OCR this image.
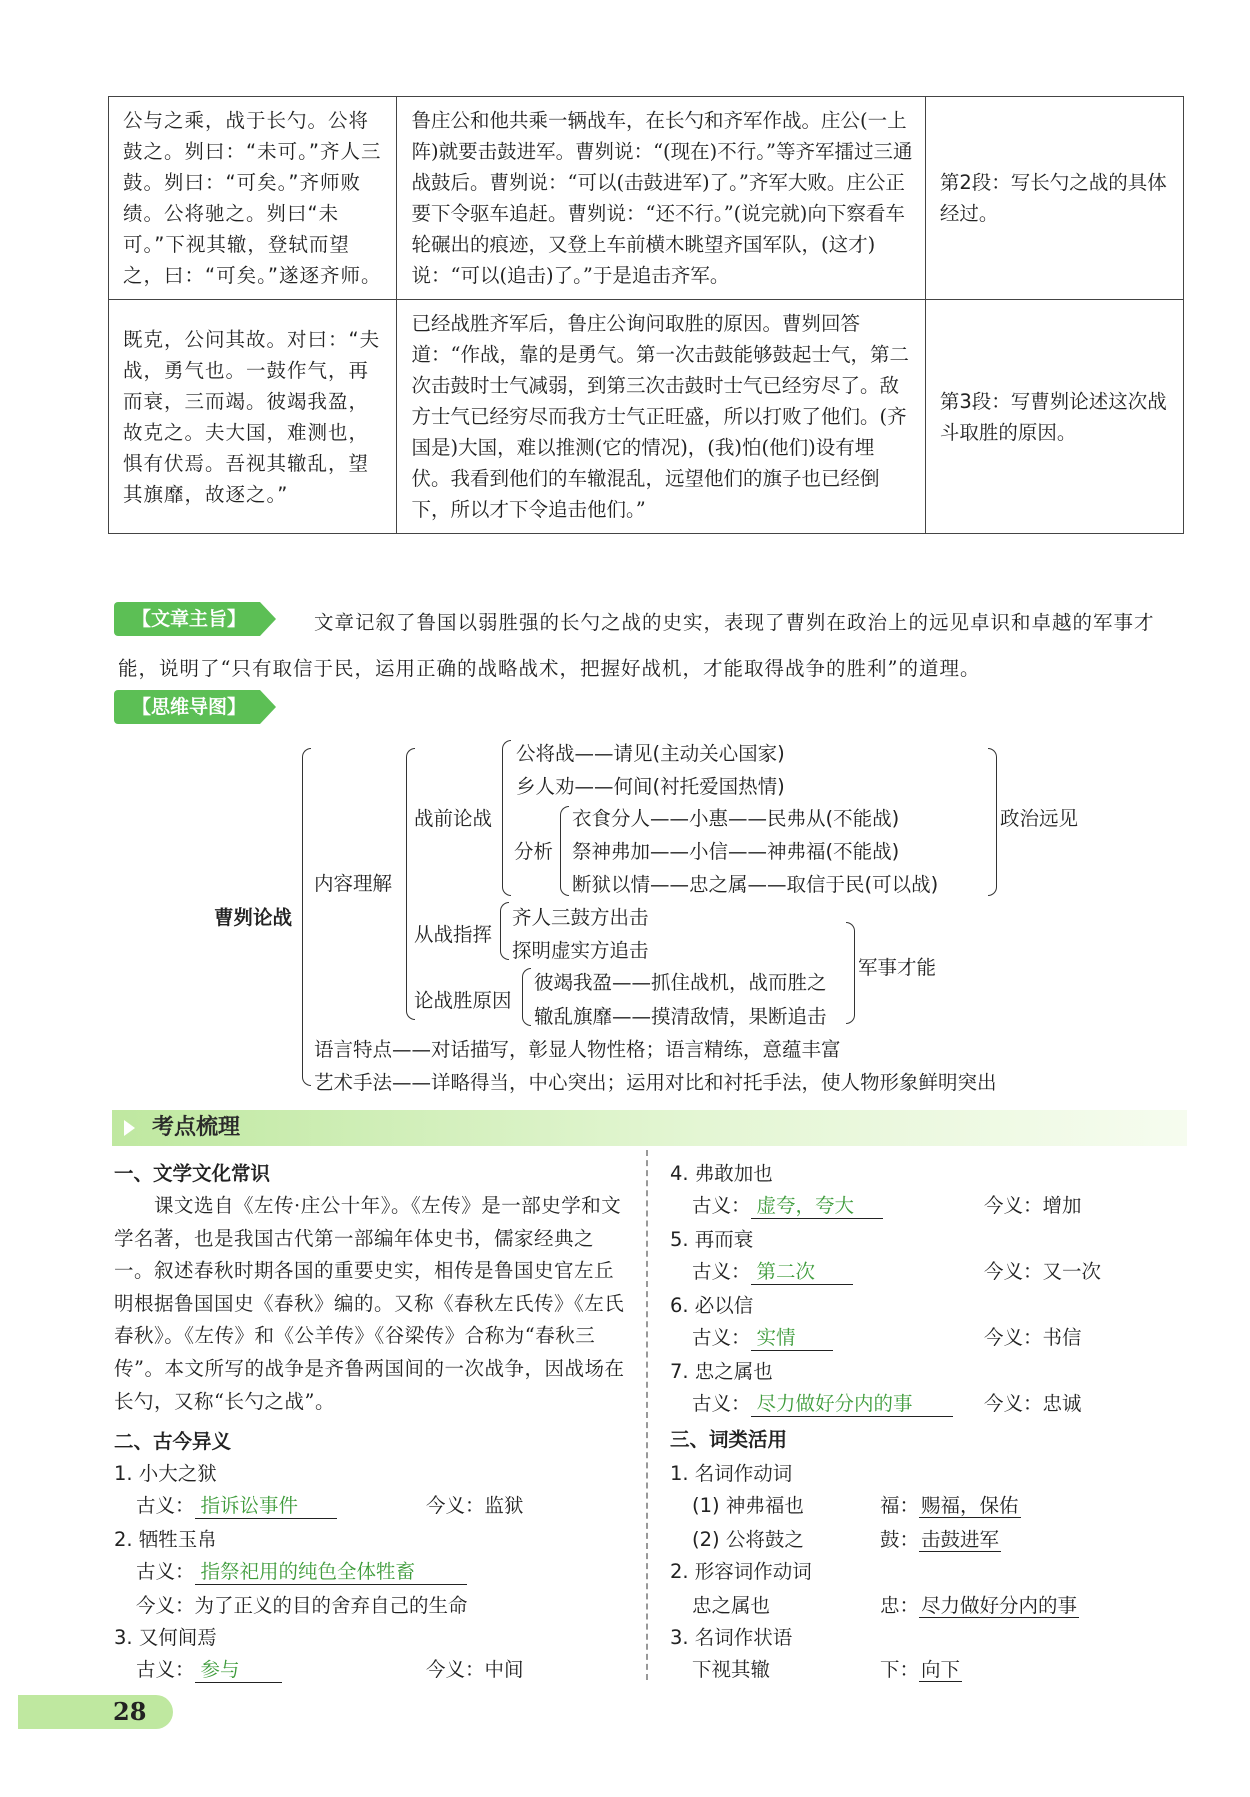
公与之乘，战于长勺。公将鼓之。刿曰：“未可。”齐人三鼓。刿曰：“可矣。”齐师败绩。公将驰之。刿曰“未可。”下视其辙，登轼而望之，曰：“可矣。”遂逐齐师。	鲁庄公和他共乘一辆战车，在长勺和齐军作战。庄公(一上阵)就要击鼓进军。曹刿说：“(现在)不行。”等齐军擂过三通战鼓后。曹刿说：“可以(击鼓进军)了。”齐军大败。庄公正要下令驱车追赶。曹刿说：“还不行。”(说完就)向下察看车轮碾出的痕迹，又登上车前横木眺望齐国军队，(这才)说：“可以(追击)了。”于是追击齐军。	第2段：写长勺之战的具体经过。
既克，公问其故。对曰：“夫战，勇气也。一鼓作气，再而衰，三而竭。彼竭我盈，故克之。夫大国，难测也，惧有伏焉。吾视其辙乱，望其旗靡，故逐之。”	已经战胜齐军后，鲁庄公询问取胜的原因。曹刿回答道：“作战，靠的是勇气。第一次击鼓能够鼓起士气，第二次击鼓时士气减弱，到第三次击鼓时士气已经穷尽了。敌方士气已经穷尽而我方士气正旺盛，所以打败了他们。(齐国是)大国，难以推测(它的情况)，(我)怕(他们)设有埋伏。我看到他们的车辙混乱，远望他们的旗子也已经倒下，所以才下令追击他们。”	第3段：写曹刿论述这次战斗取胜的原因。
【文章主旨】	文章记叙了鲁国以弱胜强的长勺之战的史实，表现了曹刿在政治上的远见卓识和卓越的军事才能，说明了“只有取信于民，运用正确的战略战术，把握好战机，才能取得战争的胜利”的道理。
【思维导图】
曹刿论战
内容理解
战前论战
公将战——请见(主动关心国家)
乡人劝——何间(衬托爱国热情)
分析
衣食分人——小惠——民弗从(不能战)
祭神弗加——小信——神弗福(不能战)
断狱以情——忠之属——取信于民(可以战)
政治远见
从战指挥
齐人三鼓方出击
探明虚实方追击
论战胜原因
彼竭我盈——抓住战机，战而胜之
辙乱旗靡——摸清敌情，果断追击
军事才能
语言特点——对话描写，彰显人物性格；语言精练，意蕴丰富
艺术手法——详略得当，中心突出；运用对比和衬托手法，使人物形象鲜明突出
考点梳理
一、文学文化常识
课文选自《左传·庄公十年》。《左传》是一部史学和文学名著，也是我国古代第一部编年体史书，儒家经典之一。叙述春秋时期各国的重要史实，相传是鲁国史官左丘明根据鲁国国史《春秋》编的。又称《春秋左氏传》《左氏春秋》。《左传》和《公羊传》《谷梁传》合称为“春秋三传”。本文所写的战争是齐鲁两国间的一次战争，因战场在长勺，又称“长勺之战”。
二、古今异义
1. 小大之狱
古义： 指诉讼事件	今义：监狱
2. 牺牲玉帛
古义： 指祭祀用的纯色全体牲畜
今义：为了正义的目的舍弃自己的生命
3. 又何间焉
古义： 参与	今义：中间
4. 弗敢加也
古义： 虚夸，夸大	今义：增加
5. 再而衰
古义： 第二次	今义：又一次
6. 必以信
古义： 实情	今义：书信
7. 忠之属也
古义： 尽力做好分内的事	今义：忠诚
三、词类活用
1. 名词作动词
(1) 神弗福也	福： 赐福，保佑
(2) 公将鼓之	鼓： 击鼓进军
2. 形容词作动词
忠之属也	忠： 尽力做好分内的事
3. 名词作状语
下视其辙	下： 向下
28
